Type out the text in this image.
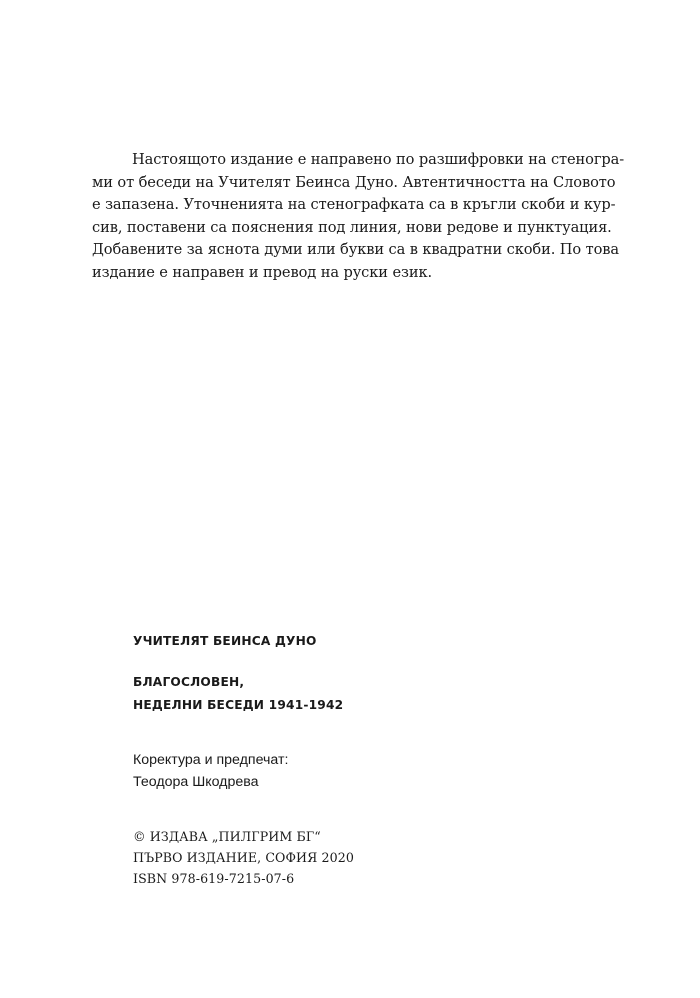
Настоящото издание е направено по разшифровки на стеногра-
ми от беседи на Учителят Беинса Дуно. Автентичността на Словото
е запазена. Уточненията на стенографката са в кръгли скоби и кур-
сив, поставени са пояснения под линия, нови редове и пунктуация.
Добавените за яснота думи или букви са в квадратни скоби. По това
издание е направен и превод на руски език.

УЧИТЕЛЯТ БЕИНСА ДУНО
БЛАГОСЛОВЕН,
НЕДЕЛНИ БЕСЕДИ 1941-1942
Коректура и предпечат:
Теодора Шкодрева
© ИЗДАВА „ПИЛГРИМ БГ“
ПЪРВО ИЗДАНИЕ, СОФИЯ 2020
ISBN 978-619-7215-07-6
